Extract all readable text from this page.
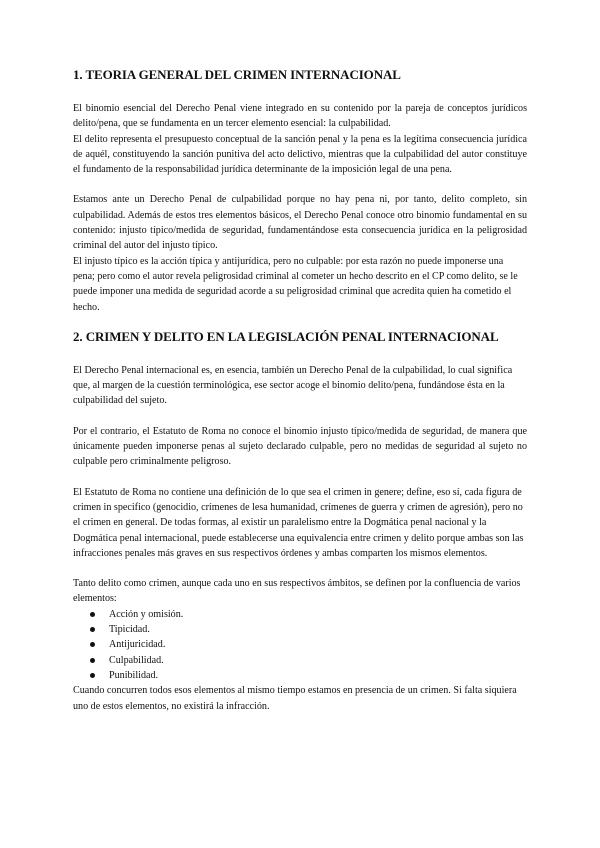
1. TEORIA GENERAL DEL CRIMEN INTERNACIONAL

El binomio esencial del Derecho Penal viene integrado en su contenido por la pareja de conceptos jurídicos delito/pena, que se fundamenta en un tercer elemento esencial: la culpabilidad.

El delito representa el presupuesto conceptual de la sanción penal y la pena es la legítima consecuencia jurídica de aquél, constituyendo la sanción punitiva del acto delictivo, mientras que la culpabilidad del autor constituye el fundamento de la responsabilidad jurídica determinante de la imposición legal de una pena.

Estamos ante un Derecho Penal de culpabilidad porque no hay pena ni, por tanto, delito completo, sin culpabilidad. Además de estos tres elementos básicos, el Derecho Penal conoce otro binomio fundamental en su contenido: injusto típico/medida de seguridad, fundamentándose esta consecuencia jurídica en la peligrosidad criminal del autor del injusto típico.

El injusto típico es la acción típica y antijurídica, pero no culpable: por esta razón no puede imponerse una pena; pero como el autor revela peligrosidad criminal al cometer un hecho descrito en el CP como delito, se le puede imponer una medida de seguridad acorde a su peligrosidad criminal que acredita quien ha cometido el hecho.

2. CRIMEN Y DELITO EN LA LEGISLACIÓN PENAL INTERNACIONAL

El Derecho Penal internacional es, en esencia, también un Derecho Penal de la culpabilidad, lo cual significa que, al margen de la cuestión terminológica, ese sector acoge el binomio delito/pena, fundándose ésta en la culpabilidad del sujeto.

Por el contrario, el Estatuto de Roma no conoce el binomio injusto típico/medida de seguridad, de manera que únicamente pueden imponerse penas al sujeto declarado culpable, pero no medidas de seguridad al sujeto no culpable pero criminalmente peligroso.

El Estatuto de Roma no contiene una definición de lo que sea el crimen in genere; define, eso sí, cada figura de crimen in specifico (genocidio, crímenes de lesa humanidad, crímenes de guerra y crimen de agresión), pero no el crimen en general. De todas formas, al existir un paralelismo entre la Dogmática penal nacional y la Dogmática penal internacional, puede establecerse una equivalencia entre crimen y delito porque ambas son las infracciones penales más graves en sus respectivos órdenes y ambas comparten los mismos elementos.

Tanto delito como crimen, aunque cada uno en sus respectivos ámbitos, se definen por la confluencia de varios elementos:

Acción y omisión.
Tipicidad.
Antijuricidad.
Culpabilidad.
Punibilidad.

Cuando concurren todos esos elementos al mismo tiempo estamos en presencia de un crimen. Si falta siquiera uno de estos elementos, no existirá la infracción.
